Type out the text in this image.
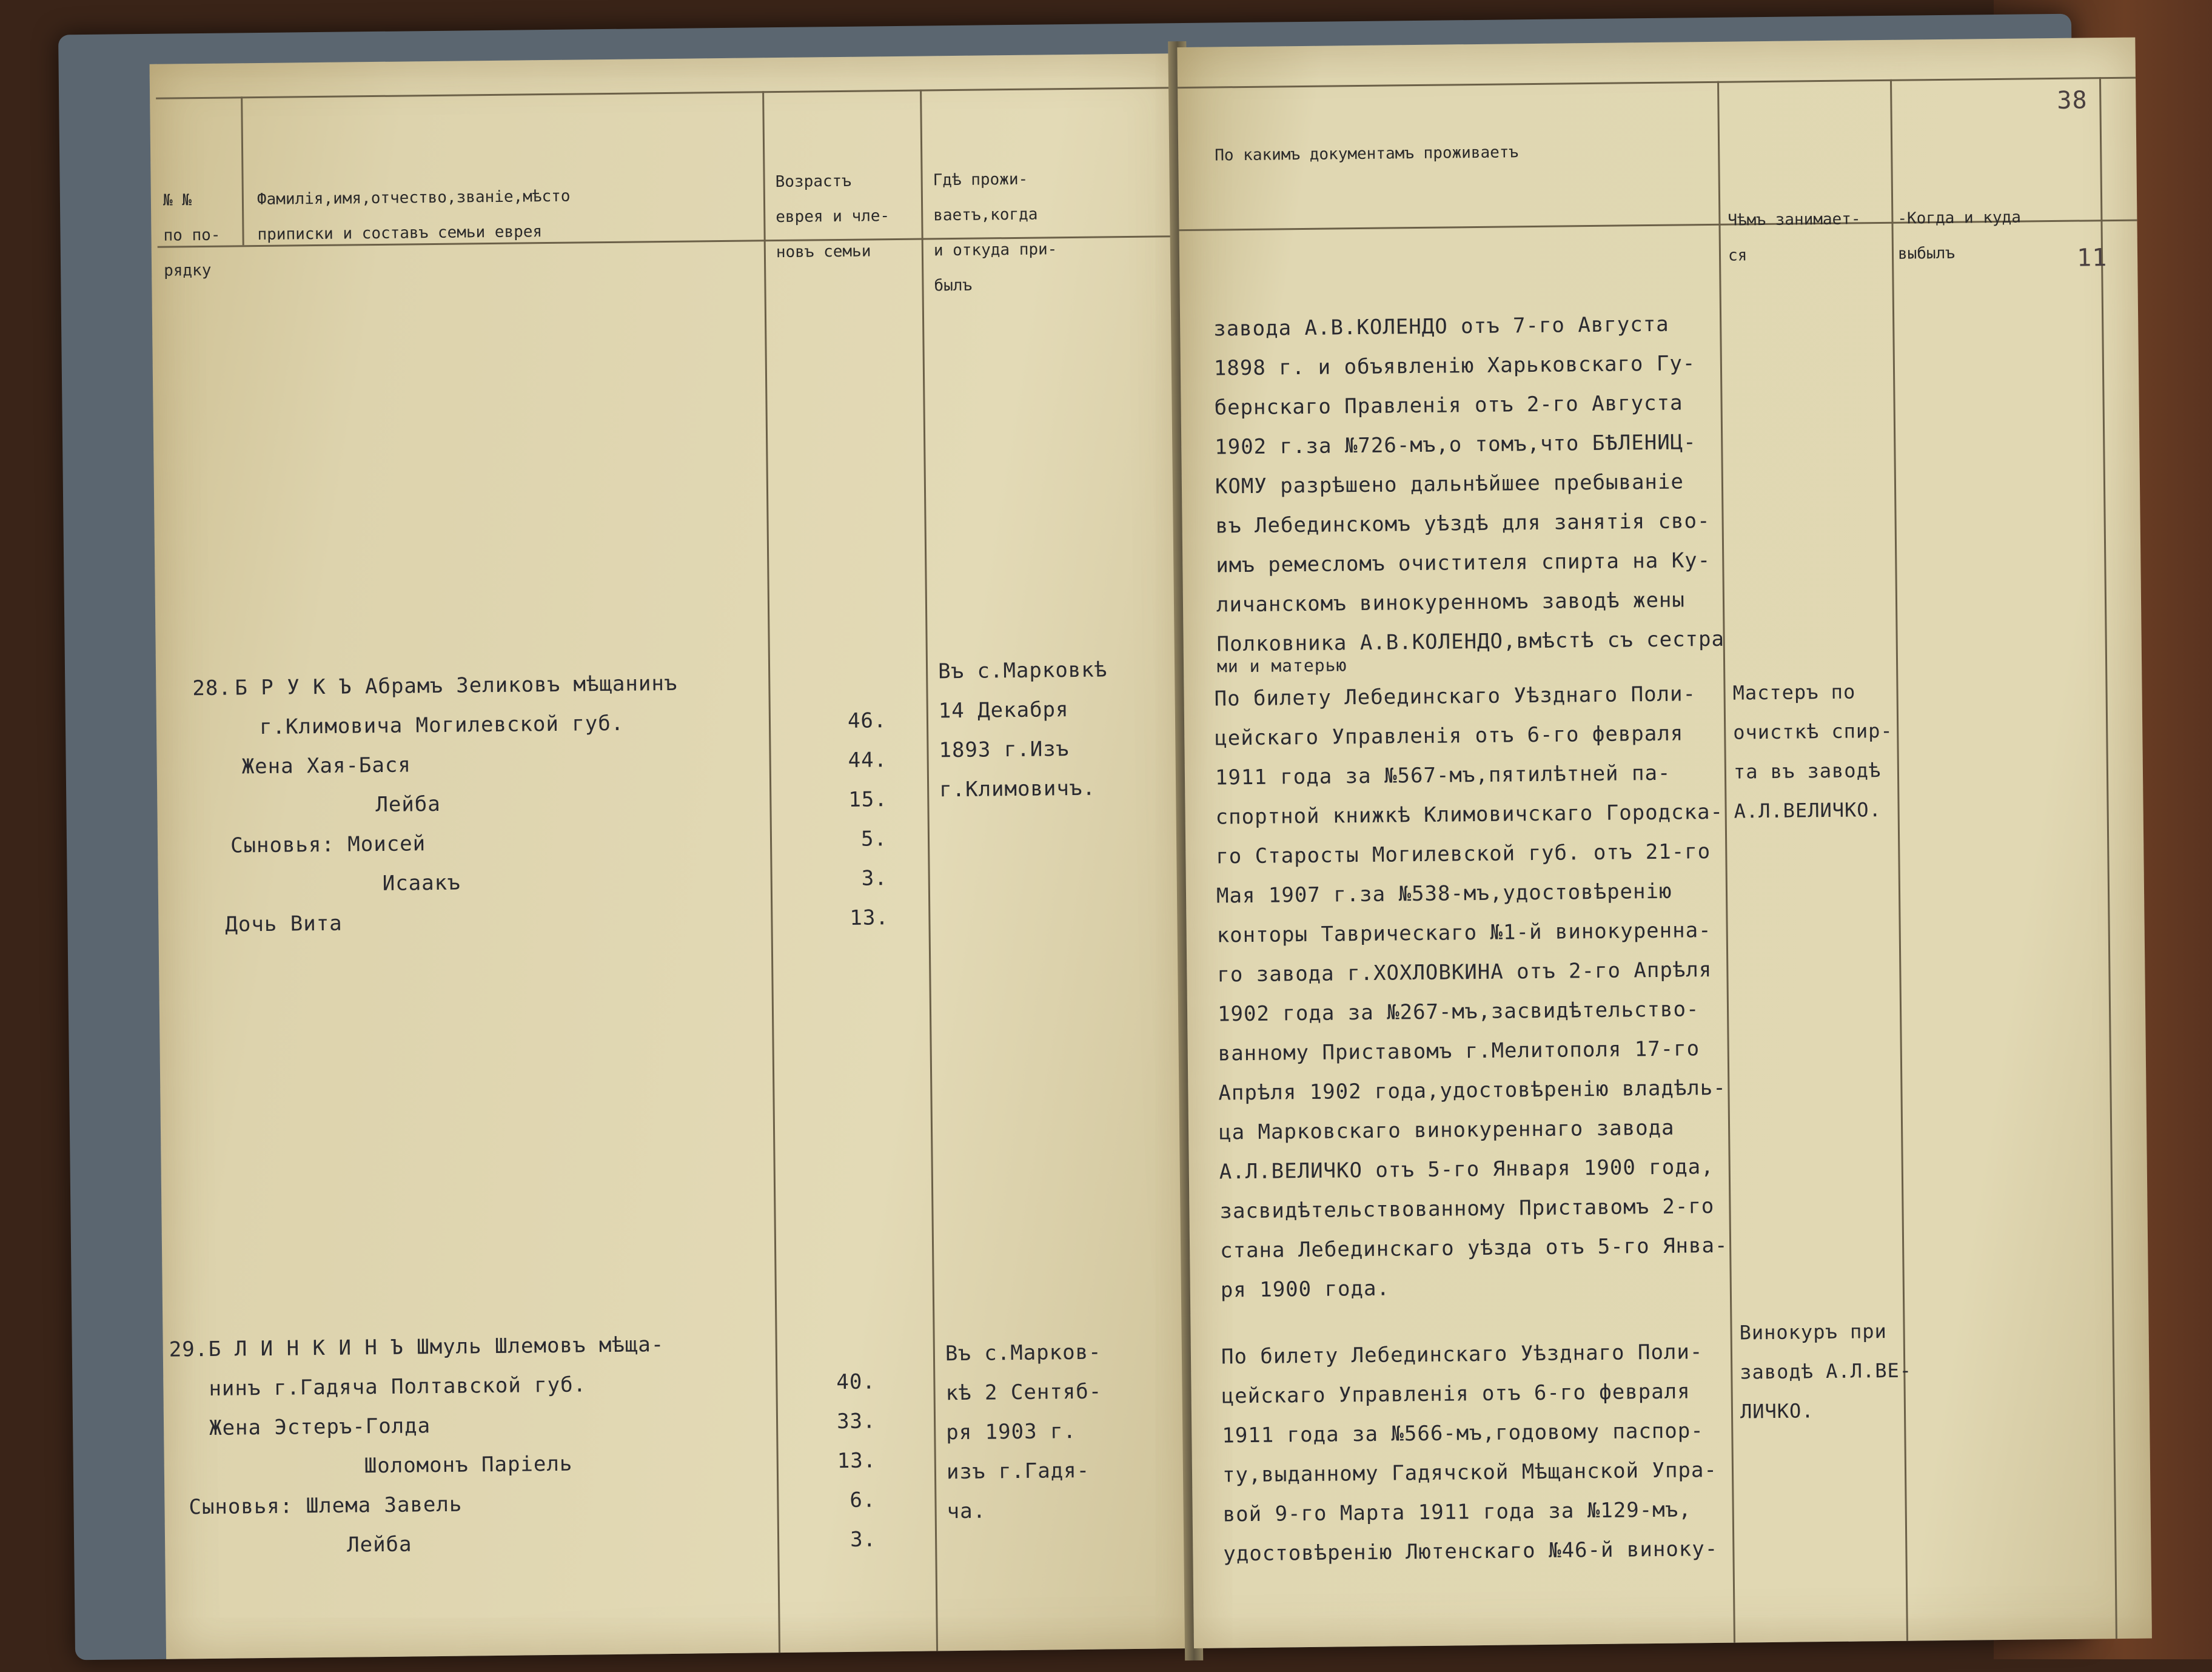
№ №
по по-
рядку

Фамилія,имя,отчество,званіе,мѣсто
приписки и составъ семьи еврея

Возрастъ
еврея и чле-
новъ семьи

Гдѣ прожи-
ваетъ,когда
и откуда при-
былъ

28. Б Р У К Ъ Абрамъ Зеликовъ мѣщанинъ
г.Климовича Могилевской губ.
Жена Хая-Бася
Лейба
Сыновья: Моисей
Исаакъ
Дочь Вита
46.
44.
15.
5.
3.
13.
Въ с.Марковкѣ
14 Декабря
1893 г.Изъ
г.Климовичъ.
29. Б Л И Н К И Н Ъ Шмуль Шлемовъ мѣща-
нинъ г.Гадяча Полтавской губ.
Жена Эстеръ-Голда
Шоломонъ Паріель
Сыновья: Шлема Завель
Лейба
40.
33.
13.
6.
3.
Въ с.Марков-
кѣ 2 Сентяб-
ря 1903 г.
изъ г.Гадя-
ча.
По какимъ документамъ проживаетъ

Чѣмъ занимает-
ся

-Когда и куда
выбылъ

38
11
завода А.В.КОЛЕНДО отъ 7-го Августа
1898 г. и объявленію Харьковскаго Гу-
бернскаго Правленія отъ 2-го Августа
1902 г.за №726-мъ,о томъ,что БѢЛЕНИЦ-
КОМУ разрѣшено дальнѣйшее пребываніе
въ Лебединскомъ уѣздѣ для занятія сво-
имъ ремесломъ очистителя спирта на Ку-
личанскомъ винокуренномъ заводѣ жены
Полковника А.В.КОЛЕНДО,вмѣстѣ съ сестра
ми и матерью
По билету Лебединскаго Уѣзднаго Поли-
цейскаго Управленія отъ 6-го февраля
1911 года за №567-мъ,пятилѣтней па-
спортной книжкѣ Климовичскаго Городска-
го Старосты Могилевской губ. отъ 21-го
Мая 1907 г.за №538-мъ,удостовѣренію
конторы Таврическаго №1-й винокуренна-
го завода г.ХОХЛОВКИНА отъ 2-го Апрѣля
1902 года за №267-мъ,засвидѣтельство-
ванному Приставомъ г.Мелитополя 17-го
Апрѣля 1902 года,удостовѣренію владѣль-
ца Марковскаго винокуреннаго завода
А.Л.ВЕЛИЧКО отъ 5-го Января 1900 года,
засвидѣтельствованному Приставомъ 2-го
стана Лебединскаго уѣзда отъ 5-го Янва-
ря 1900 года.
Мастеръ по
очисткѣ спир-
та въ заводѣ
А.Л.ВЕЛИЧКО.
По билету Лебединскаго Уѣзднаго Поли-
цейскаго Управленія отъ 6-го февраля
1911 года за №566-мъ,годовому паспор-
ту,выданному Гадячской Мѣщанской Упра-
вой 9-го Марта 1911 года за №129-мъ,
удостовѣренію Лютенскаго №46-й виноку-
Винокуръ при
заводѣ А.Л.ВЕ-
ЛИЧКО.
